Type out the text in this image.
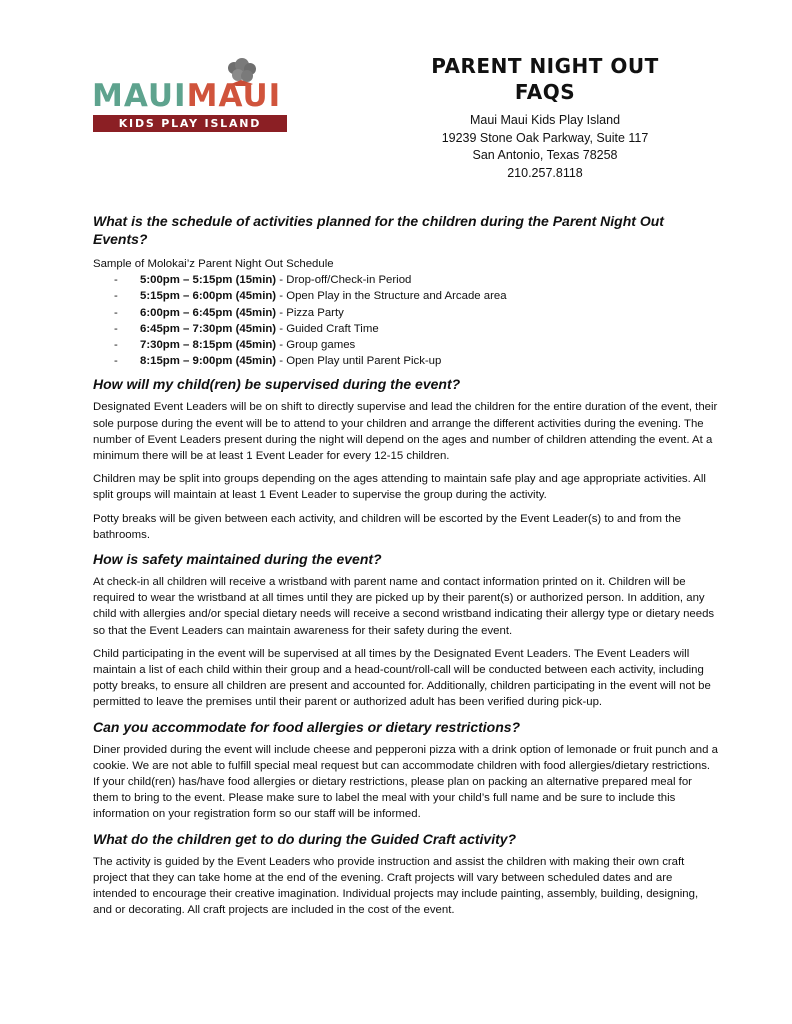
MAUIMAUI
KIDS PLAY ISLAND
PARENT NIGHT OUT
FAQS
Maui Maui Kids Play Island
19239 Stone Oak Parkway, Suite 117
San Antonio, Texas 78258
210.257.8118
What is the schedule of activities planned for the children during the Parent Night Out Events?

Sample of Molokai’z Parent Night Out Schedule

- 5:00pm – 5:15pm (15min) - Drop-off/Check-in Period
- 5:15pm – 6:00pm (45min) - Open Play in the Structure and Arcade area
- 6:00pm – 6:45pm (45min) - Pizza Party
- 6:45pm – 7:30pm (45min) - Guided Craft Time
- 7:30pm – 8:15pm (45min) - Group games
- 8:15pm – 9:00pm (45min) - Open Play until Parent Pick-up
How will my child(ren) be supervised during the event?

Designated Event Leaders will be on shift to directly supervise and lead the children for the entire duration of the event, their sole purpose during the event will be to attend to your children and arrange the different activities during the evening. The number of Event Leaders present during the night will depend on the ages and number of children attending the event. At a minimum there will be at least 1 Event Leader for every 12-15 children.

Children may be split into groups depending on the ages attending to maintain safe play and age appropriate activities. All split groups will maintain at least 1 Event Leader to supervise the group during the activity.

Potty breaks will be given between each activity, and children will be escorted by the Event Leader(s) to and from the bathrooms.

How is safety maintained during the event?

At check-in all children will receive a wristband with parent name and contact information printed on it. Children will be required to wear the wristband at all times until they are picked up by their parent(s) or authorized person. In addition, any child with allergies and/or special dietary needs will receive a second wristband indicating their allergy type or dietary needs so that the Event Leaders can maintain awareness for their safety during the event.

Child participating in the event will be supervised at all times by the Designated Event Leaders. The Event Leaders will maintain a list of each child within their group and a head-count/roll-call will be conducted between each activity, including potty breaks, to ensure all children are present and accounted for. Additionally, children participating in the event will not be permitted to leave the premises until their parent or authorized adult has been verified during pick-up.

Can you accommodate for food allergies or dietary restrictions?

Diner provided during the event will include cheese and pepperoni pizza with a drink option of lemonade or fruit punch and a cookie. We are not able to fulfill special meal request but can accommodate children with food allergies/dietary restrictions. If your child(ren) has/have food allergies or dietary restrictions, please plan on packing an alternative prepared meal for them to bring to the event. Please make sure to label the meal with your child’s full name and be sure to include this information on your registration form so our staff will be informed.

What do the children get to do during the Guided Craft activity?

The activity is guided by the Event Leaders who provide instruction and assist the children with making their own craft project that they can take home at the end of the evening. Craft projects will vary between scheduled dates and are intended to encourage their creative imagination. Individual projects may include painting, assembly, building, designing, and or decorating. All craft projects are included in the cost of the event.
